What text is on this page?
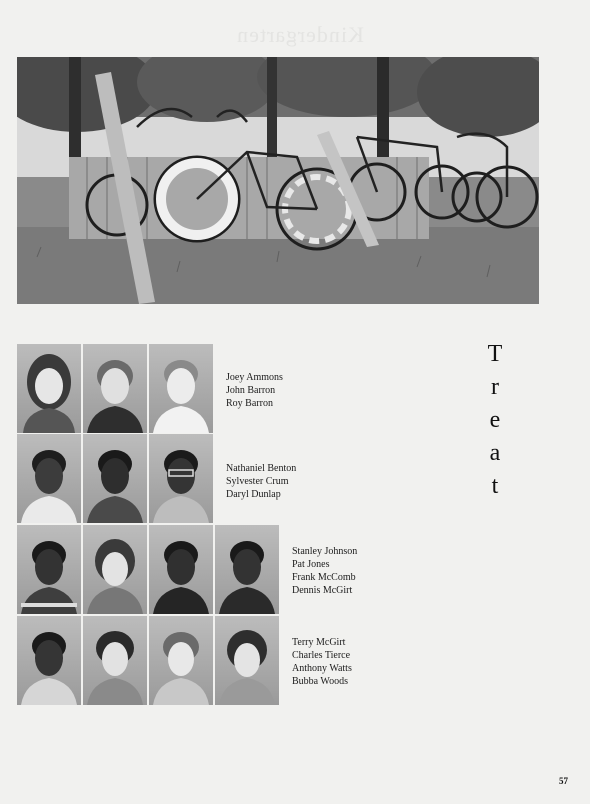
Kindergarten
Joey Ammons
John Barron
Roy Barron
Nathaniel Benton
Sylvester Crum
Daryl Dunlap
Stanley Johnson
Pat Jones
Frank McComb
Dennis McGirt
Terry McGirt
Charles Tierce
Anthony Watts
Bubba Woods
T
r
e
a
t
57
